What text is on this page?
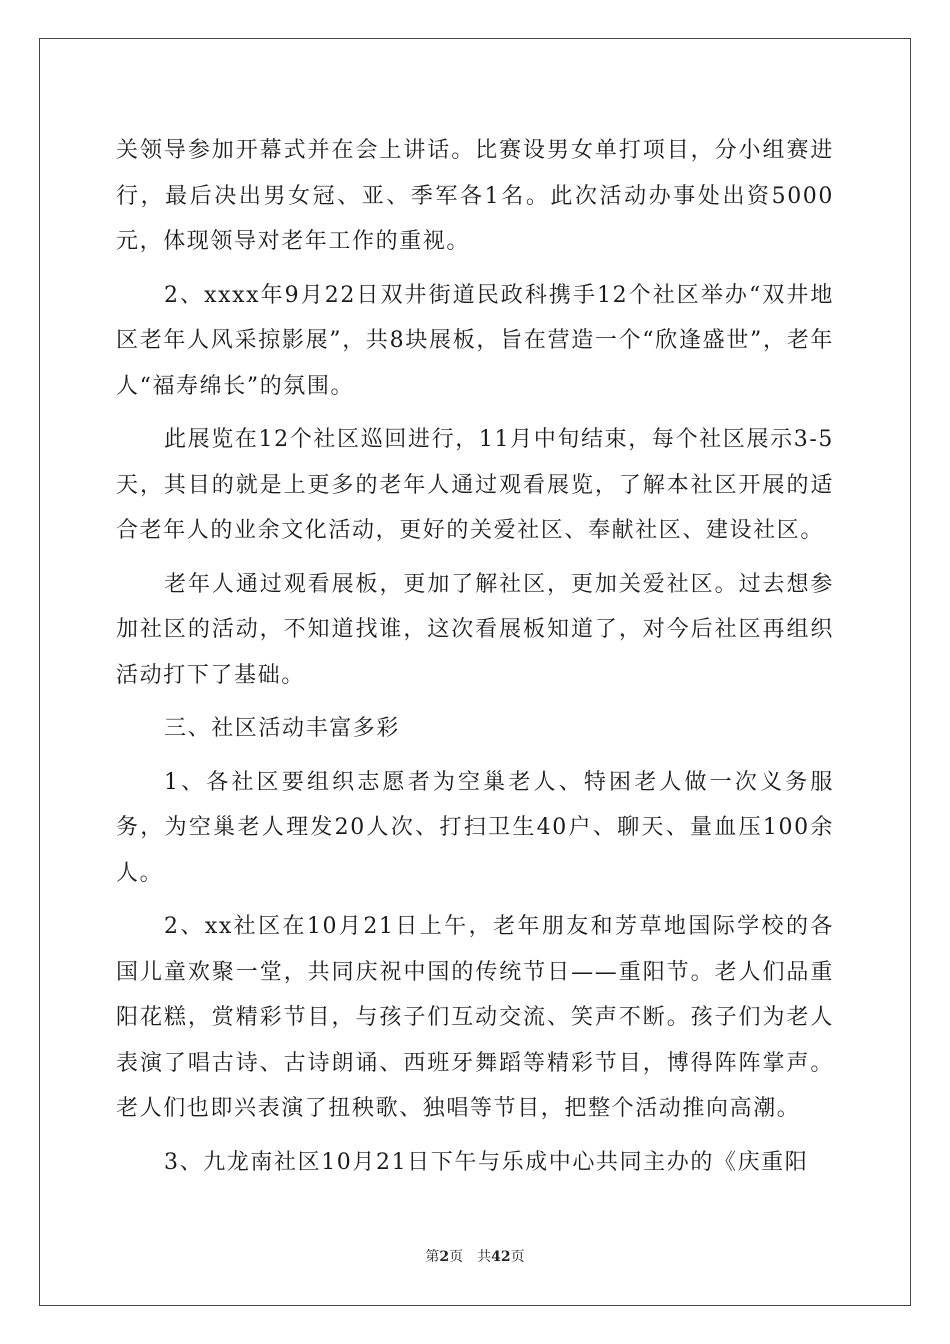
关领导参加开幕式并在会上讲话。比赛设男女单打项目，分小组赛进行，最后决出男女冠、亚、季军各1名。此次活动办事处出资5000元，体现领导对老年工作的重视。

2、xxxx年9月22日双井街道民政科携手12个社区举办“双井地区老年人风采掠影展”，共8块展板，旨在营造一个“欣逢盛世”，老年人“福寿绵长”的氛围。

此展览在12个社区巡回进行，11月中旬结束，每个社区展示3-5天，其目的就是上更多的老年人通过观看展览，了解本社区开展的适合老年人的业余文化活动，更好的关爱社区、奉献社区、建设社区。

老年人通过观看展板，更加了解社区，更加关爱社区。过去想参加社区的活动，不知道找谁，这次看展板知道了，对今后社区再组织活动打下了基础。

三、社区活动丰富多彩

1、各社区要组织志愿者为空巢老人、特困老人做一次义务服务，为空巢老人理发20人次、打扫卫生40户、聊天、量血压100余人。

2、xx社区在10月21日上午，老年朋友和芳草地国际学校的各国儿童欢聚一堂，共同庆祝中国的传统节日——重阳节。老人们品重阳花糕，赏精彩节目，与孩子们互动交流、笑声不断。孩子们为老人表演了唱古诗、古诗朗诵、西班牙舞蹈等精彩节目，博得阵阵掌声。老人们也即兴表演了扭秧歌、独唱等节目，把整个活动推向高潮。

3、九龙南社区10月21日下午与乐成中心共同主办的《庆重阳

第2页 共42页
